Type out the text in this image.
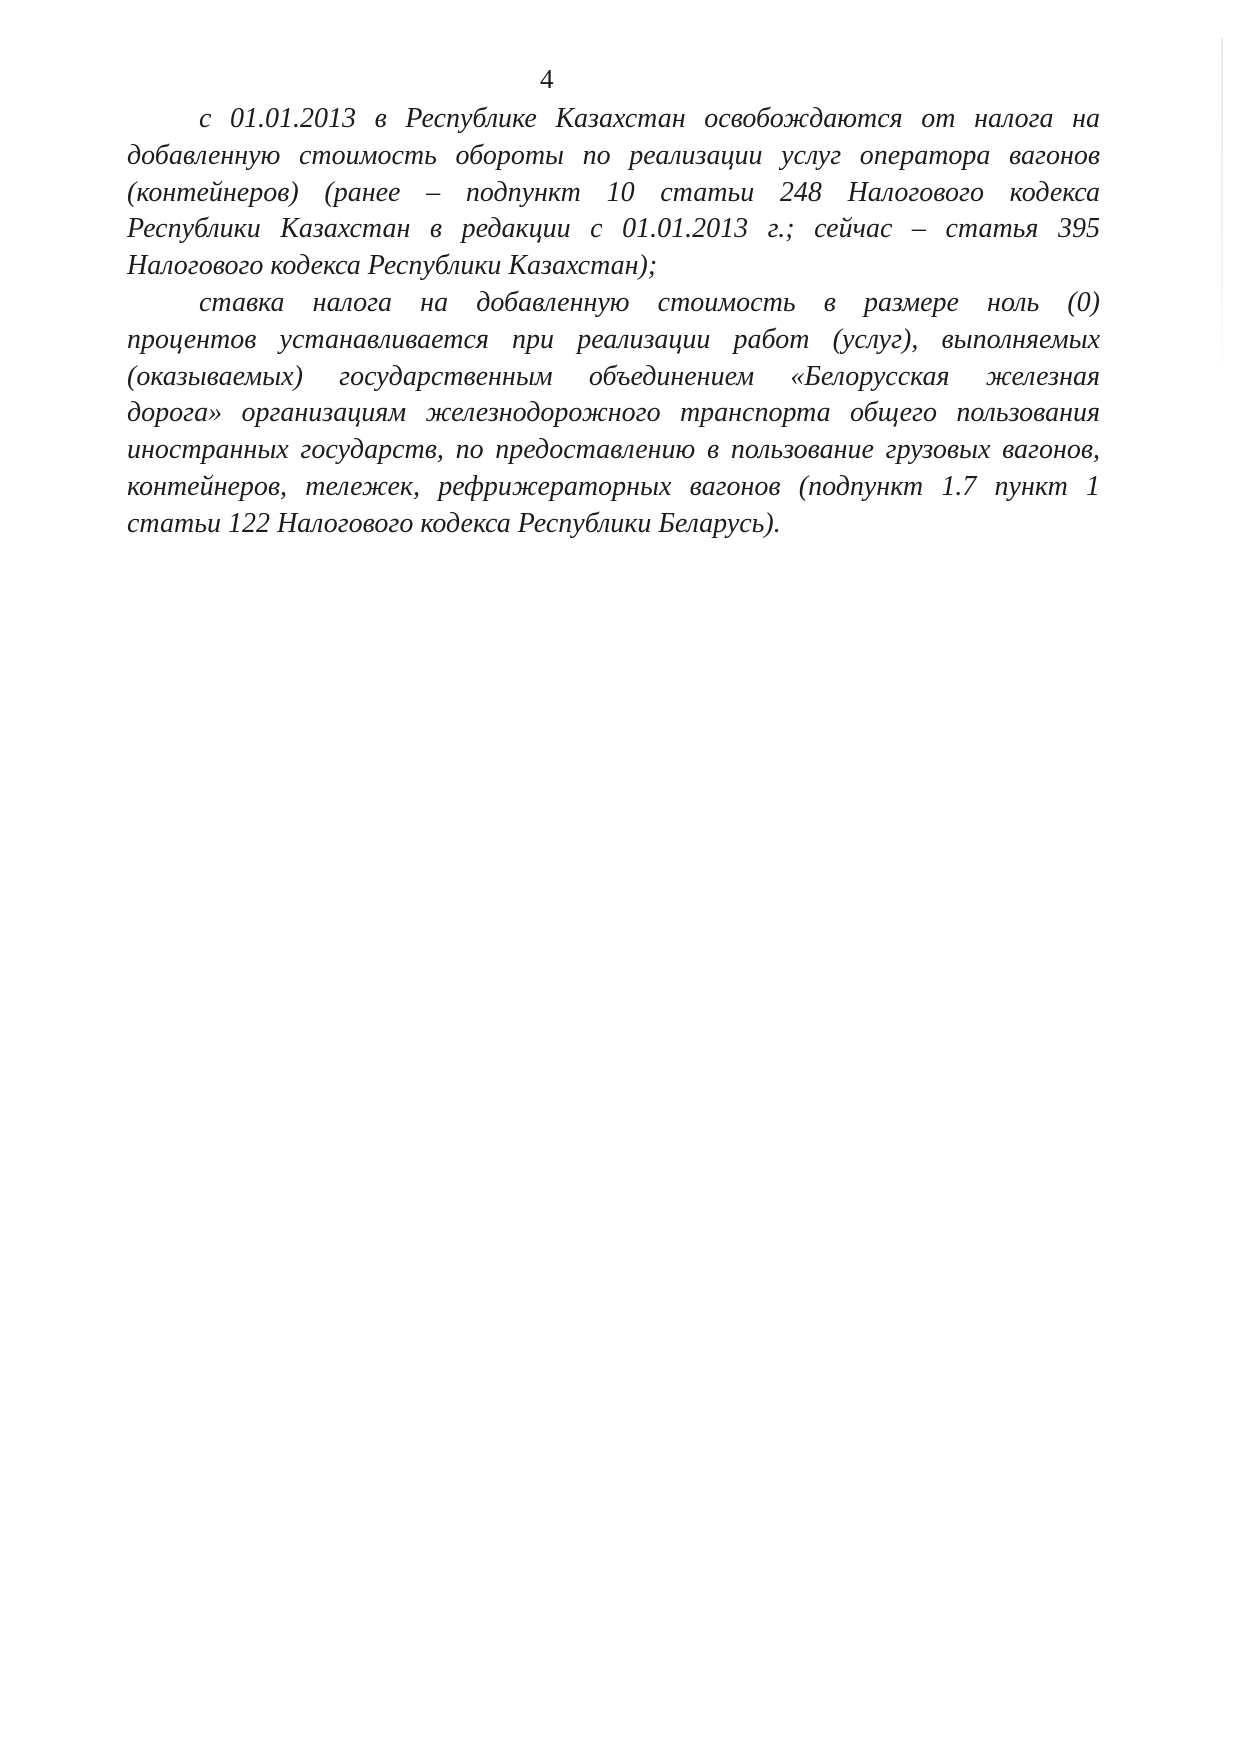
4
с 01.01.2013 в Республике Казахстан освобождаются от налога на
добавленную стоимость обороты по реализации услуг оператора вагонов
(контейнеров) (ранее – подпункт 10 статьи 248 Налогового кодекса
Республики Казахстан в редакции с 01.01.2013 г.; сейчас – статья 395
Налогового кодекса Республики Казахстан);
ставка налога на добавленную стоимость в размере ноль (0)
процентов устанавливается при реализации работ (услуг), выполняемых
(оказываемых) государственным объединением «Белорусская железная
дорога» организациям железнодорожного транспорта общего пользования
иностранных государств, по предоставлению в пользование грузовых вагонов,
контейнеров, тележек, рефрижераторных вагонов (подпункт 1.7 пункт 1
статьи 122 Налогового кодекса Республики Беларусь).
